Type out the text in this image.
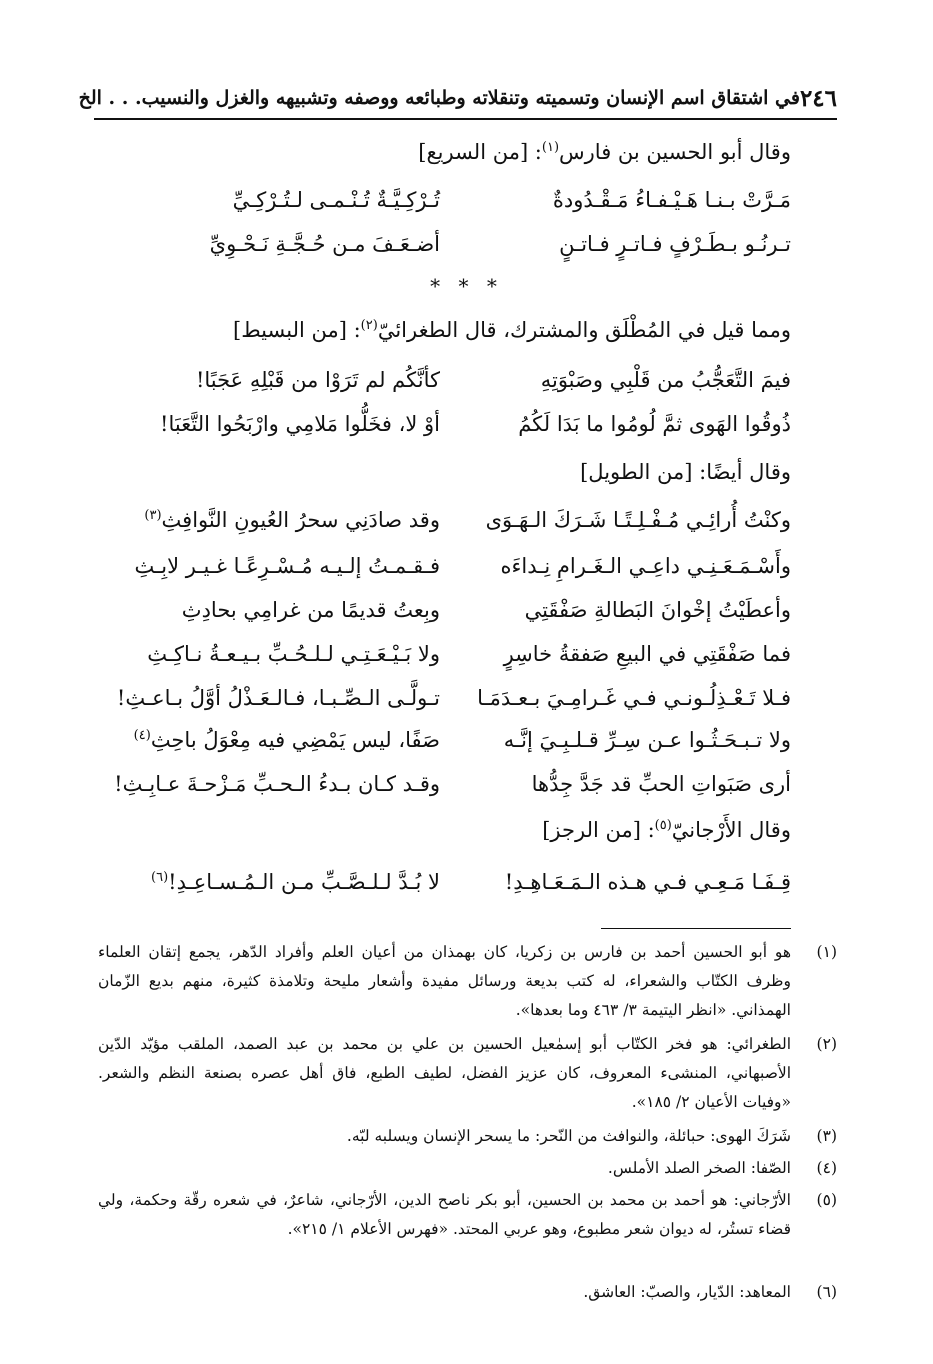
٢٤٦
في اشتقاق اسم الإنسان وتسميته وتنقلاته وطبائعه ووصفه وتشبيهه والغزل والنسيب. . . الخ
وقال أبو الحسين بن فارس$^{(١)}$: [من السريع]
مَـرَّتْ بـنـا هَـيْـفـاءُ مَـقْـدُودةٌ
تُـرْكِـيَّـةٌ تُـنْـمـى لـتُـرْكِـيِّ
تـرنُـو بـطَـرْفٍ فـاتـرٍ فـاتـنٍ
أضـعَـفَ مـن حُـجَّـةِ نَـحْـوِيِّ
* * *
ومما قيل في المُطْلَق والمشترك، قال الطغرائيّ$^{(٢)}$: [من البسيط]
فيمَ التَّعَجُّبُ من قَلْبِي وصَبْوَتِهِ
كأنَّكُم لم تَرَوْا من قَبْلِهِ عَجَبًا!
ذُوقُوا الهَوى ثمَّ لُومُوا ما بَدَا لَكُمُ
أوْ لا، فخَلُّوا مَلامِي وارْبَحُوا التَّعَبَا!
وقال أيضًا: [من الطويل]
وكنْتُ أُرائِـي مُـفْـلِـتًـا شَـرَكَ الـهَـوَى
وقد صادَنِي سحرُ العُيونِ النَّوافِثِ$^{(٣)}$
وأَسْـمَـعَـنِـي داعِـي الـغَـرامِ نِـداءَه
فـقـمـتُ إلـيـه مُـسْـرِعًـا غـيـر لابِـثِ
وأعطَيْتُ إخْوانَ البَطالةِ صَفْقَتِي
وبِعتُ قديمًا من غرامِي بحادِثِ
فما صَفْقَتِي في البيعِ صَفقةُ خاسِرٍ
ولا بَـيْـعَـتِـي لـلـحُـبِّ بـيـعـةُ نـاكِـثِ
فـلا تَـعْـذِلُـونـي فـي غَـرامِـيَ بـعـدَمَـا
تـولَّـى الـصِّـبـا، فـالـعَـذْلُ أوَّلُ بـاعـثِ!
ولا تـبـحَـثُـوا عـن سِـرِّ قـلـبِـيَ إنَّـه
صَفًا، ليس يَمْضِي فيه مِعْوَلُ باحِثِ$^{(٤)}$
أرى صَبَواتِ الحبِّ قد جَدَّ جِدُّها
وقـد كـان بـدءُ الـحـبِّ مَـزْحـةَ عـابِـثِ!
وقال الأَرْجانيّ$^{(٥)}$: [من الرجز]
قِـفَـا مَـعِـي فـي هـذه الـمَـعَـاهِـدِ!
لا بُـدَّ لـلـصَّـبِّ مـن الـمُـسـاعِـدِ!$^{(٦)}$
(١)
هو أبو الحسين أحمد بن فارس بن زكريا، كان بهمذان من أعيان العلم وأفراد الدّهر، يجمع إتقان العلماء وظرف الكتّاب والشعراء، له كتب بديعة ورسائل مفيدة وأشعار مليحة وتلامذة كثيرة، منهم بديع الزّمان الهمذاني. «انظر اليتيمة ٣/ ٤٦٣ وما بعدها».
(٢)
الطغرائي: هو فخر الكتّاب أبو إسمٰعيل الحسين بن علي بن محمد بن عبد الصمد، الملقب مؤيّد الدّين الأصبهاني، المنشىء المعروف، كان عزيز الفضل، لطيف الطبع، فاق أهل عصره بصنعة النظم والشعر. «وفيات الأعيان ٢/ ١٨٥».
(٣)
شَرَكَ الهوى: حبائلة، والنوافث من النّحر: ما يسحر الإنسان ويسلبه لبّه.
(٤)
الصّفا: الصخر الصلد الأملس.
(٥)
الأرّجاني: هو أحمد بن محمد بن الحسين، أبو بكر ناصح الدين، الأرّجاني، شاعرٌ، في شعره رقّة وحكمة، ولي قضاء تستُر، له ديوان شعر مطبوع، وهو عربي المحتد. «فهرس الأعلام ١/ ٢١٥».
(٦)
المعاهد: الدّيار، والصبّ: العاشق.
